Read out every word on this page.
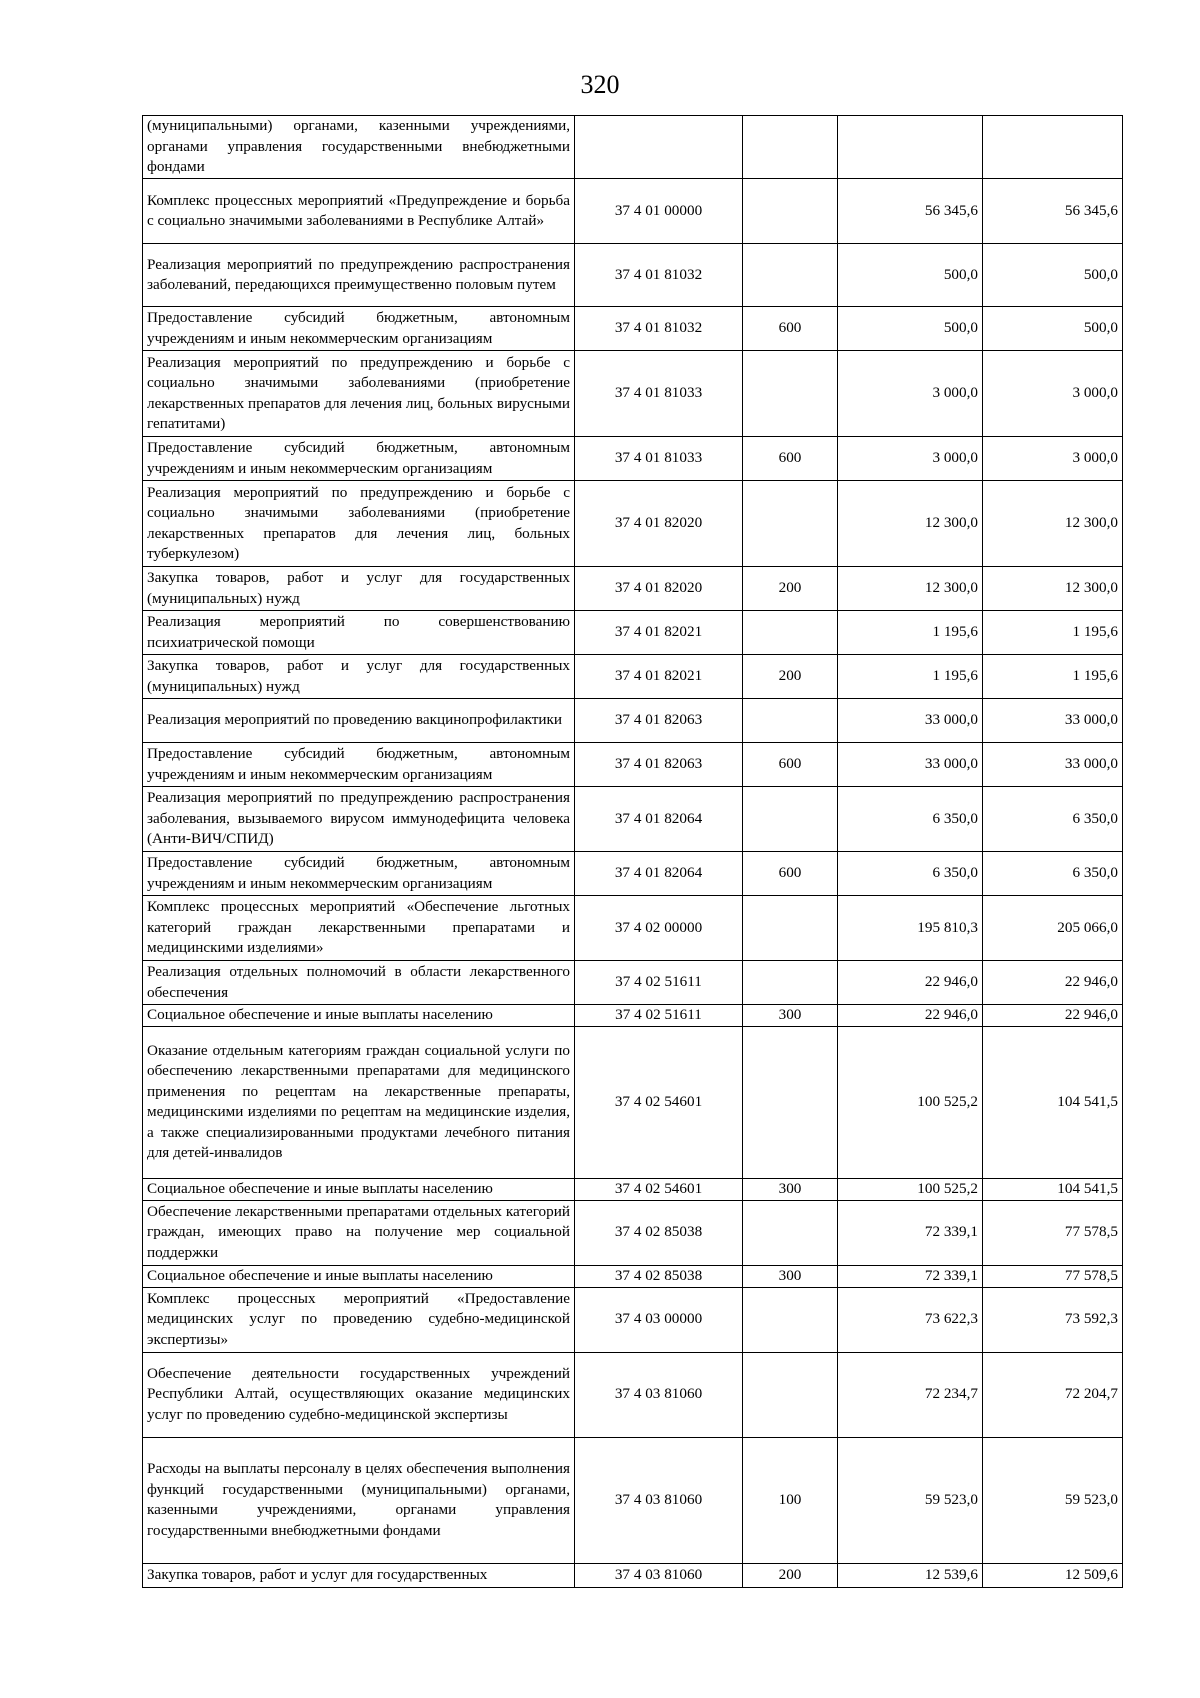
320
(муниципальными) органами, казенными учреждениями, органами управления государственными внебюджетными фондами				
Комплекс процессных мероприятий «Предупреждение и борьба с социально значимыми заболеваниями в Республике Алтай»	37 4 01 00000		56 345,6	56 345,6
Реализация мероприятий по предупреждению распространения заболеваний, передающихся преимущественно половым путем	37 4 01 81032		500,0	500,0
Предоставление субсидий бюджетным, автономным учреждениям и иным некоммерческим организациям	37 4 01 81032	600	500,0	500,0
Реализация мероприятий по предупреждению и борьбе с социально значимыми заболеваниями (приобретение лекарственных препаратов для лечения лиц, больных вирусными гепатитами)	37 4 01 81033		3 000,0	3 000,0
Предоставление субсидий бюджетным, автономным учреждениям и иным некоммерческим организациям	37 4 01 81033	600	3 000,0	3 000,0
Реализация мероприятий по предупреждению и борьбе с социально значимыми заболеваниями (приобретение лекарственных препаратов для лечения лиц, больных туберкулезом)	37 4 01 82020		12 300,0	12 300,0
Закупка товаров, работ и услуг для государственных (муниципальных) нужд	37 4 01 82020	200	12 300,0	12 300,0
Реализация мероприятий по совершенствованию психиатрической помощи	37 4 01 82021		1 195,6	1 195,6
Закупка товаров, работ и услуг для государственных (муниципальных) нужд	37 4 01 82021	200	1 195,6	1 195,6
Реализация мероприятий по проведению вакцинопрофилактики	37 4 01 82063		33 000,0	33 000,0
Предоставление субсидий бюджетным, автономным учреждениям и иным некоммерческим организациям	37 4 01 82063	600	33 000,0	33 000,0
Реализация мероприятий по предупреждению распространения заболевания, вызываемого вирусом иммунодефицита человека (Анти-ВИЧ/СПИД)	37 4 01 82064		6 350,0	6 350,0
Предоставление субсидий бюджетным, автономным учреждениям и иным некоммерческим организациям	37 4 01 82064	600	6 350,0	6 350,0
Комплекс процессных мероприятий «Обеспечение льготных категорий граждан лекарственными препаратами и медицинскими изделиями»	37 4 02 00000		195 810,3	205 066,0
Реализация отдельных полномочий в области лекарственного обеспечения	37 4 02 51611		22 946,0	22 946,0
Социальное обеспечение и иные выплаты населению	37 4 02 51611	300	22 946,0	22 946,0
Оказание отдельным категориям граждан социальной услуги по обеспечению лекарственными препаратами для медицинского применения по рецептам на лекарственные препараты, медицинскими изделиями по рецептам на медицинские изделия, а также специализированными продуктами лечебного питания для детей-инвалидов	37 4 02 54601		100 525,2	104 541,5
Социальное обеспечение и иные выплаты населению	37 4 02 54601	300	100 525,2	104 541,5
Обеспечение лекарственными препаратами отдельных категорий граждан, имеющих право на получение мер социальной поддержки	37 4 02 85038		72 339,1	77 578,5
Социальное обеспечение и иные выплаты населению	37 4 02 85038	300	72 339,1	77 578,5
Комплекс процессных мероприятий «Предоставление медицинских услуг по проведению судебно-медицинской экспертизы»	37 4 03 00000		73 622,3	73 592,3
Обеспечение деятельности государственных учреждений Республики Алтай, осуществляющих оказание медицинских услуг по проведению судебно-медицинской экспертизы	37 4 03 81060		72 234,7	72 204,7
Расходы на выплаты персоналу в целях обеспечения выполнения функций государственными (муниципальными) органами, казенными учреждениями, органами управления государственными внебюджетными фондами	37 4 03 81060	100	59 523,0	59 523,0
Закупка товаров, работ и услуг для государственных	37 4 03 81060	200	12 539,6	12 509,6
